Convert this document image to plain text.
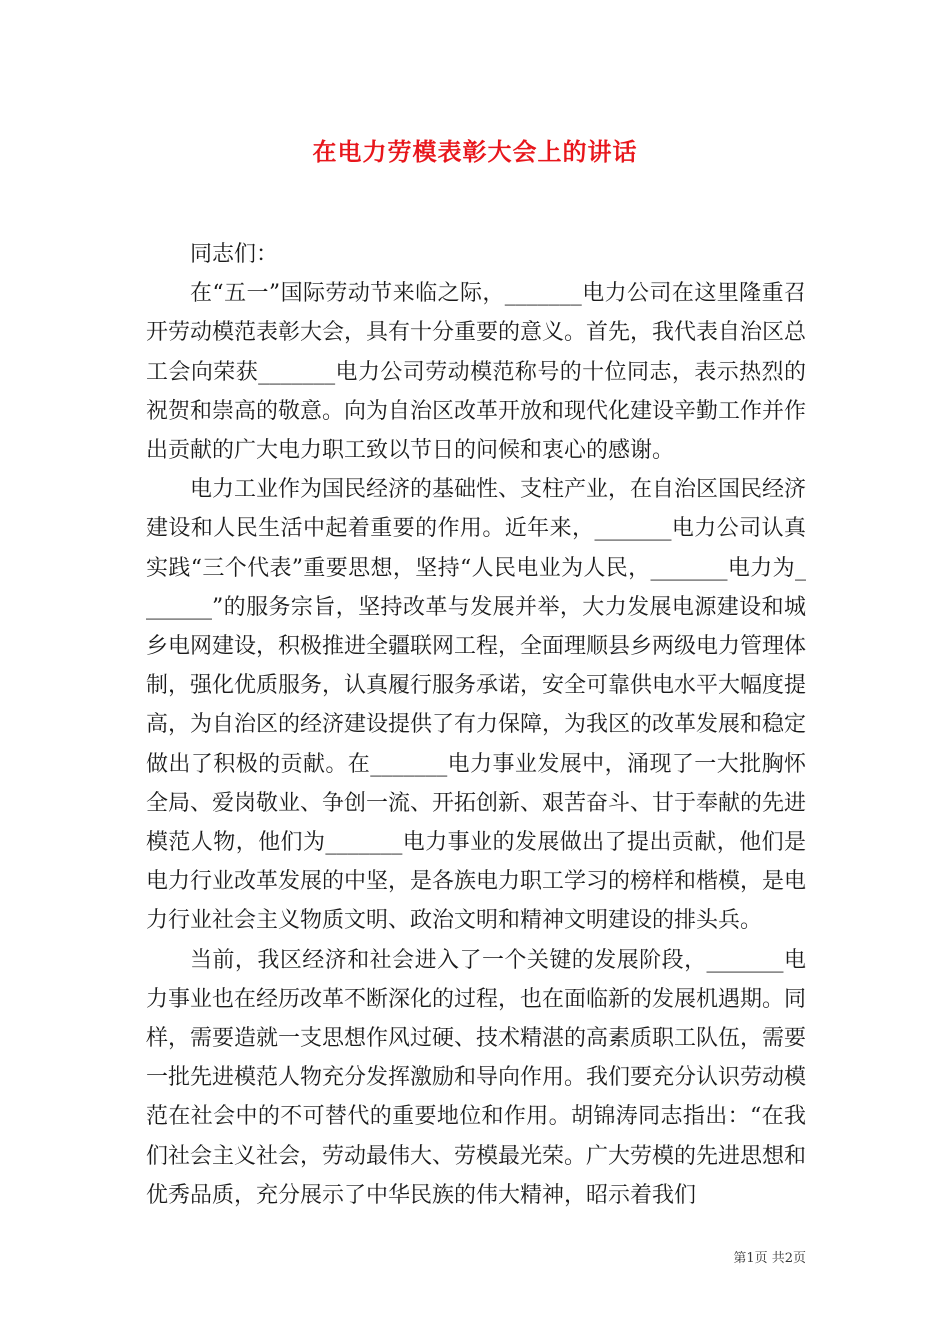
在电力劳模表彰大会上的讲话

同志们：

在“五一”国际劳动节来临之际，_______电力公司在这里隆重召开劳动模范表彰大会，具有十分重要的意义。首先，我代表自治区总工会向荣获_______电力公司劳动模范称号的十位同志，表示热烈的祝贺和崇高的敬意。向为自治区改革开放和现代化建设辛勤工作并作出贡献的广大电力职工致以节日的问候和衷心的感谢。

电力工业作为国民经济的基础性、支柱产业，在自治区国民经济建设和人民生活中起着重要的作用。近年来，_______电力公司认真实践“三个代表”重要思想，坚持“人民电业为人民，_______电力为_______”的服务宗旨，坚持改革与发展并举，大力发展电源建设和城乡电网建设，积极推进全疆联网工程，全面理顺县乡两级电力管理体制，强化优质服务，认真履行服务承诺，安全可靠供电水平大幅度提高，为自治区的经济建设提供了有力保障，为我区的改革发展和稳定做出了积极的贡献。在_______电力事业发展中，涌现了一大批胸怀全局、爱岗敬业、争创一流、开拓创新、艰苦奋斗、甘于奉献的先进模范人物，他们为_______电力事业的发展做出了提出贡献，他们是电力行业改革发展的中坚，是各族电力职工学习的榜样和楷模，是电力行业社会主义物质文明、政治文明和精神文明建设的排头兵。

当前，我区经济和社会进入了一个关键的发展阶段，_______电力事业也在经历改革不断深化的过程，也在面临新的发展机遇期。同样，需要造就一支思想作风过硬、技术精湛的高素质职工队伍，需要一批先进模范人物充分发挥激励和导向作用。我们要充分认识劳动模范在社会中的不可替代的重要地位和作用。胡锦涛同志指出：“在我们社会主义社会，劳动最伟大、劳模最光荣。广大劳模的先进思想和优秀品质，充分展示了中华民族的伟大精神，昭示着我们

第1页 共2页
